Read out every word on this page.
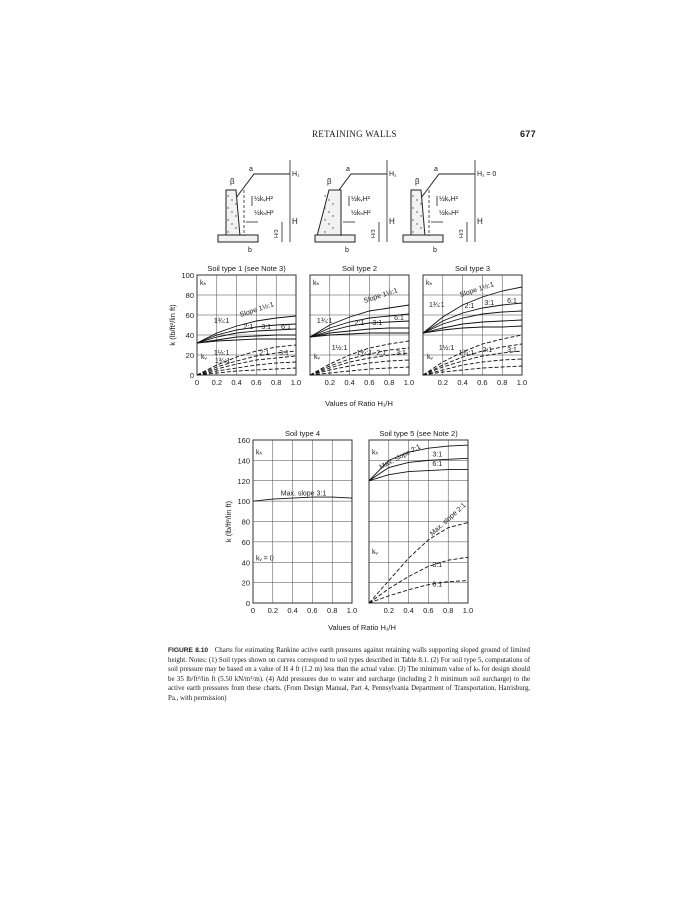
RETAINING WALLS	677
a
β
H₁
½kᵥH²
½kₕH²
H
H/3
b
a
β
H₁
½kᵥH²
½kₕH²
H
H/3
b
a
β
H₁ = 0
½kᵥH²
½kₕH²
H
H/3
b
0 0.2 0.4 0.6 0.8 1.0
0
20
40
60
80
100
Soil type 1 (see Note 3)
kₕ
kᵥ
Slope 1½:1
1¾:1
2:1 3:1 6:1
1½:1
1¾:1
2:1 3:1
k (lb/ft²/lin ft)
0.2 0.4 0.6 0.8 1.0
Soil type 2
kₕ
kᵥ
Slope 1½:1
1¾:1	2:1 3:1
6:1
1½:1
1¾:1 2:1 3:1
0.2 0.4 0.6 0.8 1.0
Soil type 3
kₕ
kᵥ
Slope 1½:1
1¾:1	2:1 3:1 6:1
1½:1
1¾:1 2:1 3:1
0 0.2 0.4 0.6 0.8 1.0
0
20
40
60
80
100
120
140
160
Soil type 4
kₕ
Max. slope 3:1
kᵥ = 0
k (lb/ft²/lin ft)
0.2 0.4 0.6 0.8 1.0
Soil type 5 (see Note 2)
kₕ
kᵥ
Max. slope 2:1 3:1
6:1
Max. slope 2:1
3:1
6:1
Values of Ratio H₁/H
Values of Ratio H₁/H
FIGURE 8.10 Charts for estimating Rankine active earth pressures against retaining walls supporting sloped ground of limited height. Notes: (1) Soil types shown on curves correspond to soil types described in Table 8.1. (2) For soil type 5, computations of soil pressure may be based on a value of H 4 ft (1.2 m) less than the actual value. (3) The minimum value of kₕ for design should be 35 lb/ft²/lin ft (5.50 kN/m²/m). (4) Add pressures due to water and surcharge (including 2 ft minimum soil surcharge) to the active earth pressures from these charts. (From Design Manual, Part 4, Pennsylvania Department of Transportation, Harrisburg, Pa., with permission)
